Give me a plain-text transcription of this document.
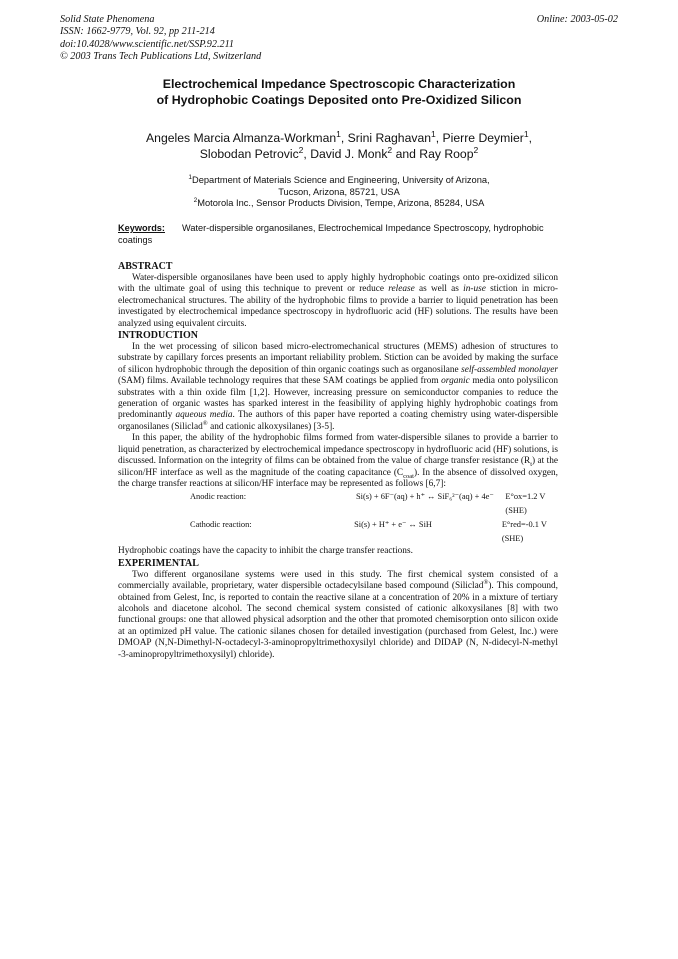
Solid State Phenomena
ISSN: 1662-9779, Vol. 92, pp 211-214
doi:10.4028/www.scientific.net/SSP.92.211
© 2003 Trans Tech Publications Ltd, Switzerland
Online: 2003-05-02
Electrochemical Impedance Spectroscopic Characterization
of Hydrophobic Coatings Deposited onto Pre-Oxidized Silicon
Angeles Marcia Almanza-Workman$^1$, Srini Raghavan$^1$, Pierre Deymier$^1$,
Slobodan Petrovic$^2$, David J. Monk$^2$ and Ray Roop$^2$
$^1$Department of Materials Science and Engineering, University of Arizona,
Tucson, Arizona, 85721, USA
$^2$Motorola Inc., Sensor Products Division, Tempe, Arizona, 85284, USA
Keywords: Water-dispersible organosilanes, Electrochemical Impedance Spectroscopy, hydrophobic coatings
ABSTRACT

Water-dispersible organosilanes have been used to apply highly hydrophobic coatings onto pre-oxidized silicon with the ultimate goal of using this technique to prevent or reduce release as well as in-use stiction in micro-electromechanical structures. The ability of the hydrophobic films to provide a barrier to liquid penetration has been investigated by electrochemical impedance spectroscopy in hydrofluoric acid (HF) solutions. The results have been analyzed using equivalent circuits.

INTRODUCTION

In the wet processing of silicon based micro-electromechanical structures (MEMS) adhesion of structures to substrate by capillary forces presents an important reliability problem. Stiction can be avoided by making the surface of silicon hydrophobic through the deposition of thin organic coatings such as organosilane self-assembled monolayer (SAM) films. Available technology requires that these SAM coatings be applied from organic media onto polysilicon substrates with a thin oxide film [1,2]. However, increasing pressure on semiconductor companies to reduce the generation of organic wastes has sparked interest in the feasibility of applying highly hydrophobic coatings from predominantly aqueous media. The authors of this paper have reported a coating chemistry using water-dispersible organosilanes (Siliclad® and cationic alkoxysilanes) [3-5].

In this paper, the ability of the hydrophobic films formed from water-dispersible silanes to provide a barrier to liquid penetration, as characterized by electrochemical impedance spectroscopy in hydrofluoric acid (HF) solutions, is discussed. Information on the integrity of films can be obtained from the value of charge transfer resistance $(R_t)$ at the silicon/HF interface as well as the magnitude of the coating capacitance $(C_{coat})$. In the absence of dissolved oxygen, the charge transfer reactions at silicon/HF interface may be represented as follows [6,7]:

Anodic reaction:	Si(s) + 6F⁻(aq) + h⁺ ↔ SiF₆²⁻(aq) + 4e⁻	E°ox=1.2 V (SHE)
Cathodic reaction:	Si(s) + H⁺ + e⁻ ↔ SiH	E°red=-0.1 V (SHE)

Hydrophobic coatings have the capacity to inhibit the charge transfer reactions.

EXPERIMENTAL

Two different organosilane systems were used in this study. The first chemical system consisted of a commercially available, proprietary, water dispersible octadecylsilane based compound (Siliclad®). This compound, obtained from Gelest, Inc, is reported to contain the reactive silane at a concentration of 20% in a mixture of tertiary alcohols and diacetone alcohol. The second chemical system consisted of cationic alkoxysilanes [8] with two functional groups: one that allowed physical adsorption and the other that promoted chemisorption onto silicon oxide at an optimized pH value. The cationic silanes chosen for detailed investigation (purchased from Gelest, Inc.) were DMOAP (N,N-Dimethyl-N-octadecyl-3-aminopropyltrimethoxysilyl chloride) and DIDAP (N, N-didecyl-N-methyl -3-aminopropyltrimethoxysilyl) chloride).
